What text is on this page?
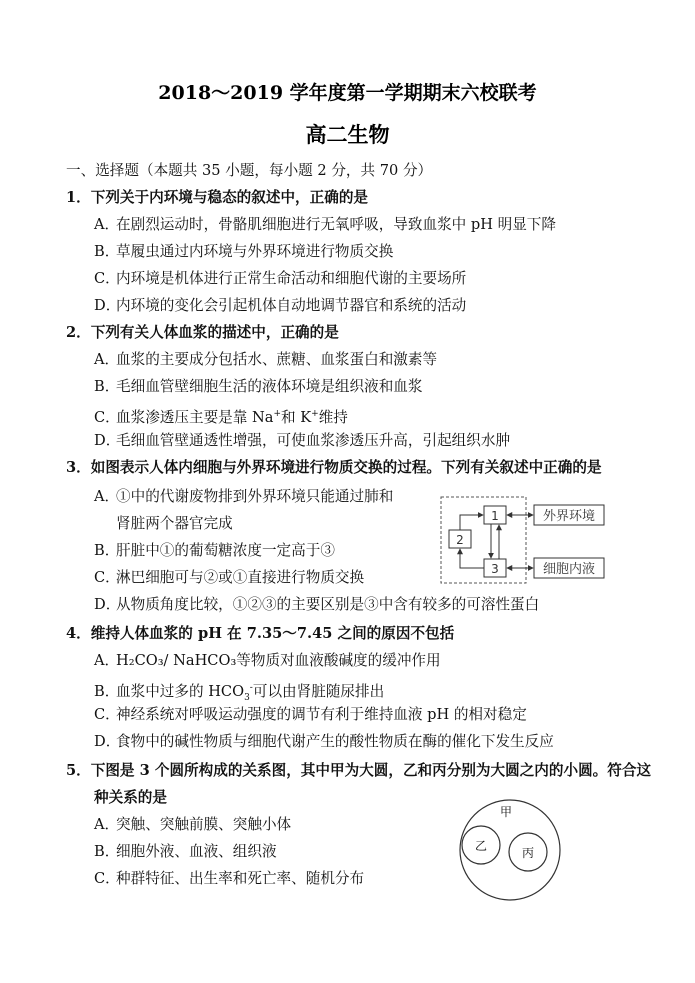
2018～2019 学年度第一学期期末六校联考
高二生物
一、选择题（本题共 35 小题，每小题 2 分，共 70 分）
1．下列关于内环境与稳态的叙述中，正确的是
A．在剧烈运动时，骨骼肌细胞进行无氧呼吸，导致血浆中 pH 明显下降
B．草履虫通过内环境与外界环境进行物质交换
C．内环境是机体进行正常生命活动和细胞代谢的主要场所
D．内环境的变化会引起机体自动地调节器官和系统的活动
2．下列有关人体血浆的描述中，正确的是
A．血浆的主要成分包括水、蔗糖、血浆蛋白和激素等
B．毛细血管壁细胞生活的液体环境是组织液和血浆
C．血浆渗透压主要是靠 Na+和 K+维持
D．毛细血管壁通透性增强，可使血浆渗透压升高，引起组织水肿
3．如图表示人体内细胞与外界环境进行物质交换的过程。下列有关叙述中正确的是
A．①中的代谢废物排到外界环境只能通过肺和
肾脏两个器官完成
B．肝脏中①的葡萄糖浓度一定高于③
C．淋巴细胞可与②或①直接进行物质交换
D．从物质角度比较，①②③的主要区别是③中含有较多的可溶性蛋白
1
2
3
外界环境
细胞内液
4．维持人体血浆的 pH 在 7.35～7.45 之间的原因不包括
A．H₂CO₃/ NaHCO₃等物质对血液酸碱度的缓冲作用
B．血浆中过多的 $HCO_3^-$可以由肾脏随尿排出
C．神经系统对呼吸运动强度的调节有利于维持血液 pH 的相对稳定
D．食物中的碱性物质与细胞代谢产生的酸性物质在酶的催化下发生反应
5．下图是 3 个圆所构成的关系图，其中甲为大圆，乙和丙分别为大圆之内的小圆。符合这
种关系的是
A．突触、突触前膜、突触小体
B．细胞外液、血液、组织液
C．种群特征、出生率和死亡率、随机分布
甲
乙	丙
